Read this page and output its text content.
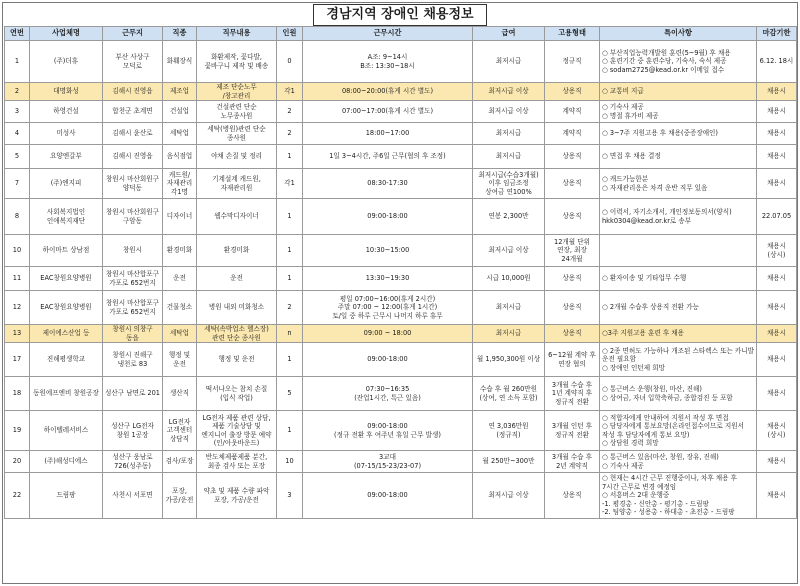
경남지역 장애인 채용정보
연번	사업체명	근무지	직종	직무내용	인원	근무시간	급여	고용형태	특이사항	마감기한
1	(주)더휴	부산 사상구 모덕로	화훼장식	화환제작, 꽃다발, 꽃바구니 제작 및 배송	0	A조: 9~14시
B조: 13:30~18시	최저시급	정규직	○ 부산직업능력개발원 훈련(5~9월) 후 채용
○ 훈련기간 중 훈련수당, 기숙사, 숙식 제공
○ sodam2725@kead.or.kr 이메일 접수	6.12. 18시
2	대명화성	김해시 진영읍	제조업	제조 단순노무
/창고관리	각1	08:00~20:00(휴게 시간 별도)	최저시급 이상	상용직	○ 교통비 지급	채용시
3	하영건설	합천군 초계면	건설업	건설관련 단순
노무종사원	2	07:00~17:00(휴게 시간 별도)	최저시급 이상	계약직	○ 기숙사 제공
○ 명절 휴가비 제공	채용시
4	미성사	김해시 윤산로	세탁업	세탁(병원)관련 단순
종사원	2	18:00~17:00	최저시급	계약직	○ 3~7주 지원고용 후 채용(중증장애인)	채용시
5	요양엔갈부	김해시 진영읍	음식점업	야채 손질 및 정리	1	1일 3~4시간, 주6일 근무(협의 후 조정)	최저시급	상용직	○ 면접 후 채용 결정	채용시
7	(주)엔지피	창원시 마산회원구 양덕동	캐드원/
자재관리
각1명	기계설계 캐드원,
자재관리원	각1	08:30-17:30	최저시급(수습3개월)
이후 임금조정
상여금 연100%	상용직	○ 캐드가능한분
○ 자재관리응은 차격 운반 직무 있음	채용시
8	사회복지법인 인애복지재단	창원시 마산회원구 구암동	디자이너	웹수막디자이너	1	09:00-18:00	연봉 2,300만	상용직	○ 이력서, 자기소개서, 개인정보동의서(양식) hkk0304@kead.or.kr로 송부	22.07.05
10	하이마트 상남점	창원시	환경미화	환경미화	1	10:30~15:00	최저시급 이상	12개월 단위 연장, 최장 24개월		채용시(상시)
11	EAC창원요양병원	창원시 마산합포구 가포로 652번지	운전	운전	1	13:30~19:30	시급 10,000원	상용직	○ 환자이송 및 기타업무 수행	채용시
12	EAC창원요양병원	창원시 마산합포구 가포로 652번지	건물청소	병원 내외 미화청소	2	평일 07:00~16:00(휴게 2시간)
주말 07:00 ~ 12:00(휴게 1시간)
토/일 중 하루 근무시 나머지 하루 휴무	최저시급	상용직	○ 2개월 수습후 상용직 전환 가능	채용시
13	제이에스산업 등	창원시 의창구 동읍	세탁업	세탁(속박업소 헬스장)관련 단순 종사원	n	09:00 ~ 18:00	최저시급	상용직	○3주 지원고용 훈련 후 채용	채용시
17	진해평생학교	창원시 진해구 냉천로 83	행정 및
운전	행정 및 운전	1	09:00-18:00	월 1,950,300원 이상	6~12월 계약 후 연장 협의	○ 2종 면허도 가능하나 개조된 스타렉스 또는 카니발 운전 필요함
○ 장애인 인턴제 희망	채용시
18	동원에프엔비 창원공장	성산구 남면로 201	생산직	떡서나오는 참치 손질
(입식 작업)	5	07:30~16:35
(잔업1시간, 특근 있음)	수습 후 월 260만원
(상여, 연 소득 포함)	3개월 수습 후 1년 계약직 후 정규직 전환	○ 통근버스 운행(창원, 마산, 진해)
○ 상여금, 자녀 입학축하금, 종합검진 등 포함	채용시
19	하이텔레서비스	성산구 LG전자 창원 1공장	LG전자
고객센터
상담직	LG전자 제품 관련 상담, 제품 기술상담 및 엔지니어 출장 방문 예약(인/아웃바운드)	1	09:00-18:00
(정규 전환 후 여주년 휴일 근무 발생)	연 3,036만원
(정규직)	3개월 인턴 후 정규직 전환	○ 적합자에게 안내하여 지원서 작성 후 면접
○ 담당자에게 통보요망(온라인접수이므로 지원서 작성 후 담당자에게 통보 요망)
○ 상담원 경력 희망	채용시
(상시)
20	(주)해성디에스	성산구 웅남로 726(성주동)	검사/포장	반도체제품제품 분간,
최종 검사 또는 포장	10	3교대
(07-15/15-23/23-07)	월 250만~300만	3개월 수습 후 2년 계약직	○ 통근버스 있음(마산, 창원, 장유, 진해)
○ 기숙사 제공	채용시
22	드림팡	사천시 서포면	포장, 가공/운전	약초 및 제품 수량 파악 포장, 가공/운전	3	09:00-18:00	최저시급 이상	상용직	○ 현재는 4시간 근무 진행중이나, 차후 채용 후 7시간 근무로 변경 예정임
○ 서흥버스 2대 운행중
-1. 평경총 - 신안총 - 평기총 - 드림팡
-2. 팀양총 - 성용총 - 하대총 - 초전총 - 드림팡	채용시
